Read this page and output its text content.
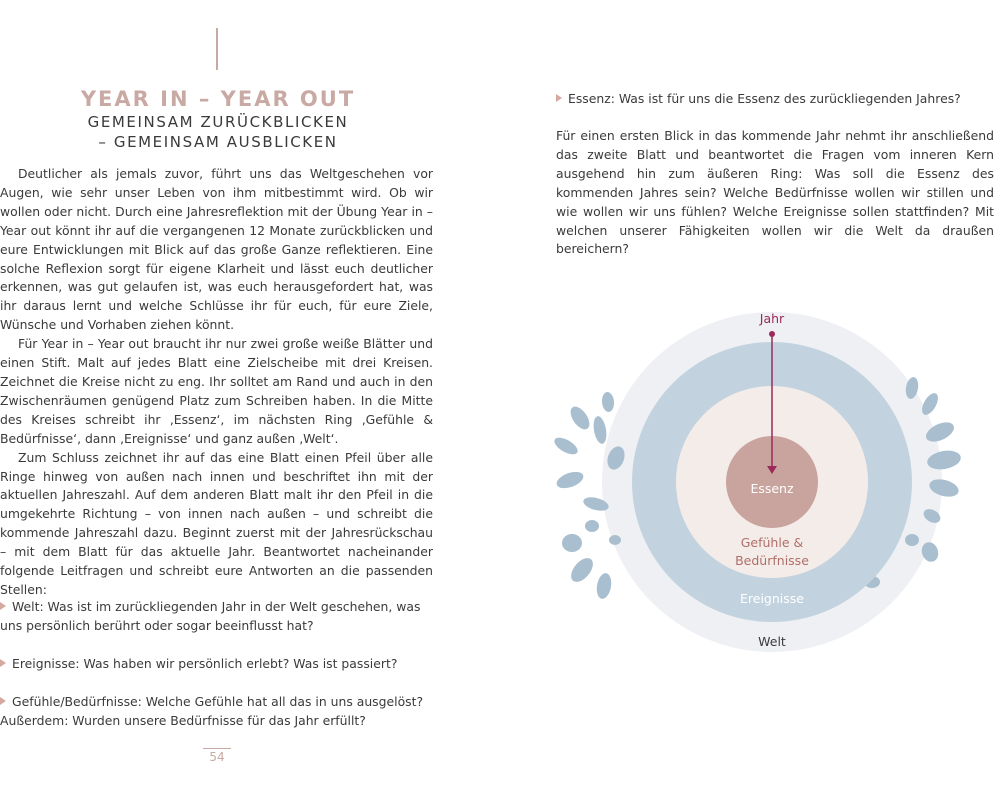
YEAR IN – YEAR OUT
GEMEINSAM ZURÜCKBLICKEN
– GEMEINSAM AUSBLICKEN

Deutlicher als jemals zuvor, führt uns das Weltgeschehen vor Augen, wie sehr unser Leben von ihm mitbestimmt wird. Ob wir wollen oder nicht. Durch eine Jahresreflektion mit der Übung Year in – Year out könnt ihr auf die vergangenen 12 Monate zurückblicken und eure Entwicklungen mit Blick auf das große Ganze reflektieren. Eine solche Reflexion sorgt für eigene Klarheit und lässt euch deutlicher erkennen, was gut gelaufen ist, was euch herausgefordert hat, was ihr daraus lernt und welche Schlüsse ihr für euch, für eure Ziele, Wünsche und Vorhaben ziehen könnt.

Für Year in – Year out braucht ihr nur zwei große weiße Blätter und einen Stift. Malt auf jedes Blatt eine Zielscheibe mit drei Kreisen. Zeichnet die Kreise nicht zu eng. Ihr solltet am Rand und auch in den Zwischenräumen genügend Platz zum Schreiben haben. In die Mitte des Kreises schreibt ihr ‚Essenz‘, im nächsten Ring ‚Gefühle & Bedürfnisse‘, dann ‚Ereignisse‘ und ganz außen ‚Welt‘.

Zum Schluss zeichnet ihr auf das eine Blatt einen Pfeil über alle Ringe hinweg von außen nach innen und beschriftet ihn mit der aktuellen Jahreszahl. Auf dem anderen Blatt malt ihr den Pfeil in die umgekehrte Richtung – von innen nach außen – und schreibt die kommende Jahreszahl dazu. Beginnt zuerst mit der Jahresrückschau – mit dem Blatt für das aktuelle Jahr. Beantwortet nacheinander folgende Leitfragen und schreibt eure Antworten an die passenden Stellen:

Welt: Was ist im zurückliegenden Jahr in der Welt geschehen, was uns persönlich berührt oder sogar beeinflusst hat?
Ereignisse: Was haben wir persönlich erlebt? Was ist passiert?
Gefühle/Bedürfnisse: Welche Gefühle hat all das in uns ausgelöst? Außerdem: Wurden unsere Bedürfnisse für das Jahr erfüllt?
54
Essenz: Was ist für uns die Essenz des zurückliegenden Jahres?
Für einen ersten Blick in das kommende Jahr nehmt ihr anschließend das zweite Blatt und beantwortet die Fragen vom inneren Kern ausgehend hin zum äußeren Ring: Was soll die Essenz des kommenden Jahres sein? Welche Bedürfnisse wollen wir stillen und wie wollen wir uns fühlen? Welche Ereignisse sollen stattfinden? Mit welchen unserer Fähigkeiten wollen wir die Welt da draußen bereichern?
Jahr
Essenz
Gefühle &
Bedürfnisse
Ereignisse
Welt
